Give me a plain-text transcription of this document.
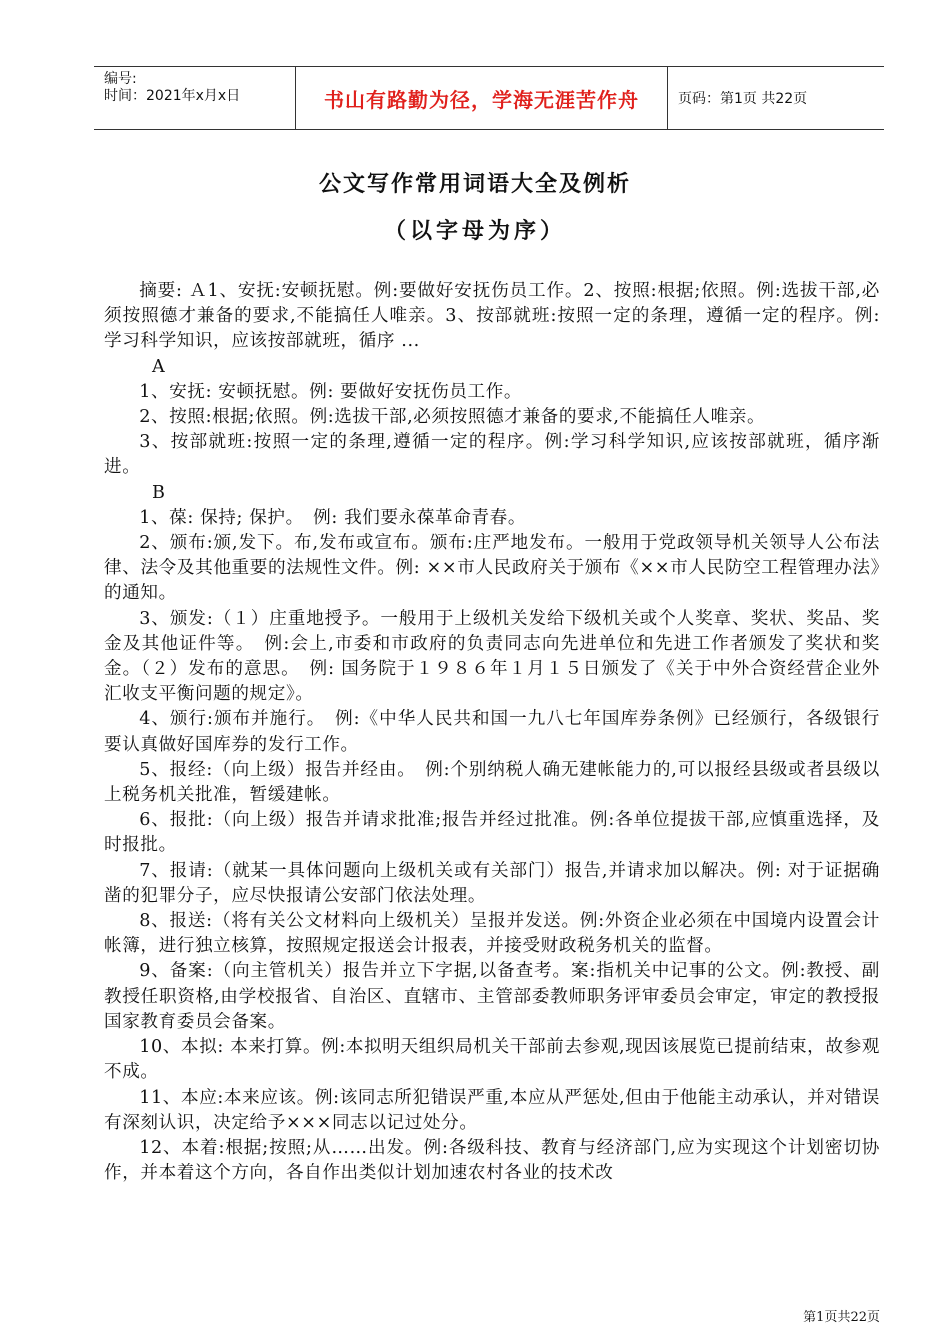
编号:
时间：2021年x月x日	书山有路勤为径，学海无涯苦作舟	页码：第1页 共22页
公文写作常用词语大全及例析
（以字母为序）

摘要: Ａ1、安抚:安顿抚慰。例:要做好安抚伤员工作。2、按照:根据;依照。例:选拔干部,必须按照德才兼备的要求,不能搞任人唯亲。3、按部就班:按照一定的条理，遵循一定的程序。例: 学习科学知识，应该按部就班，循序 ...

A

1、安抚: 安顿抚慰。例: 要做好安抚伤员工作。

2、按照:根据;依照。例:选拔干部,必须按照德才兼备的要求,不能搞任人唯亲。

3、按部就班:按照一定的条理,遵循一定的程序。例:学习科学知识,应该按部就班，循序渐进。

B

1、葆: 保持; 保护。　例: 我们要永葆革命青春。

2、颁布:颁,发下。布,发布或宣布。颁布:庄严地发布。一般用于党政领导机关领导人公布法律、法令及其他重要的法规性文件。例: ××市人民政府关于颁布《××市人民防空工程管理办法》的通知。

3、颁发:（１）庄重地授予。一般用于上级机关发给下级机关或个人奖章、奖状、奖品、奖金及其他证件等。　例:会上,市委和市政府的负责同志向先进单位和先进工作者颁发了奖状和奖金。（２）发布的意思。　例: 国务院于１９８６年１月１５日颁发了《关于中外合资经营企业外汇收支平衡问题的规定》。

4、颁行:颁布并施行。　例:《中华人民共和国一九八七年国库券条例》已经颁行，各级银行要认真做好国库券的发行工作。

5、报经:（向上级）报告并经由。　例:个别纳税人确无建帐能力的,可以报经县级或者县级以上税务机关批准，暂缓建帐。

6、报批:（向上级）报告并请求批准;报告并经过批准。例:各单位提拔干部,应慎重选择，及时报批。

7、报请:（就某一具体问题向上级机关或有关部门）报告,并请求加以解决。例: 对于证据确凿的犯罪分子，应尽快报请公安部门依法处理。

8、报送:（将有关公文材料向上级机关）呈报并发送。例:外资企业必须在中国境内设置会计帐簿，进行独立核算，按照规定报送会计报表，并接受财政税务机关的监督。

9、备案:（向主管机关）报告并立下字据,以备查考。案:指机关中记事的公文。例:教授、副教授任职资格,由学校报省、自治区、直辖市、主管部委教师职务评审委员会审定，审定的教授报国家教育委员会备案。

10、本拟: 本来打算。例:本拟明天组织局机关干部前去参观,现因该展览已提前结束，故参观不成。

11、本应:本来应该。例:该同志所犯错误严重,本应从严惩处,但由于他能主动承认，并对错误有深刻认识，决定给予×××同志以记过处分。

12、本着:根据;按照;从……出发。例:各级科技、教育与经济部门,应为实现这个计划密切协作，并本着这个方向，各自作出类似计划加速农村各业的技术改

第1页共22页
